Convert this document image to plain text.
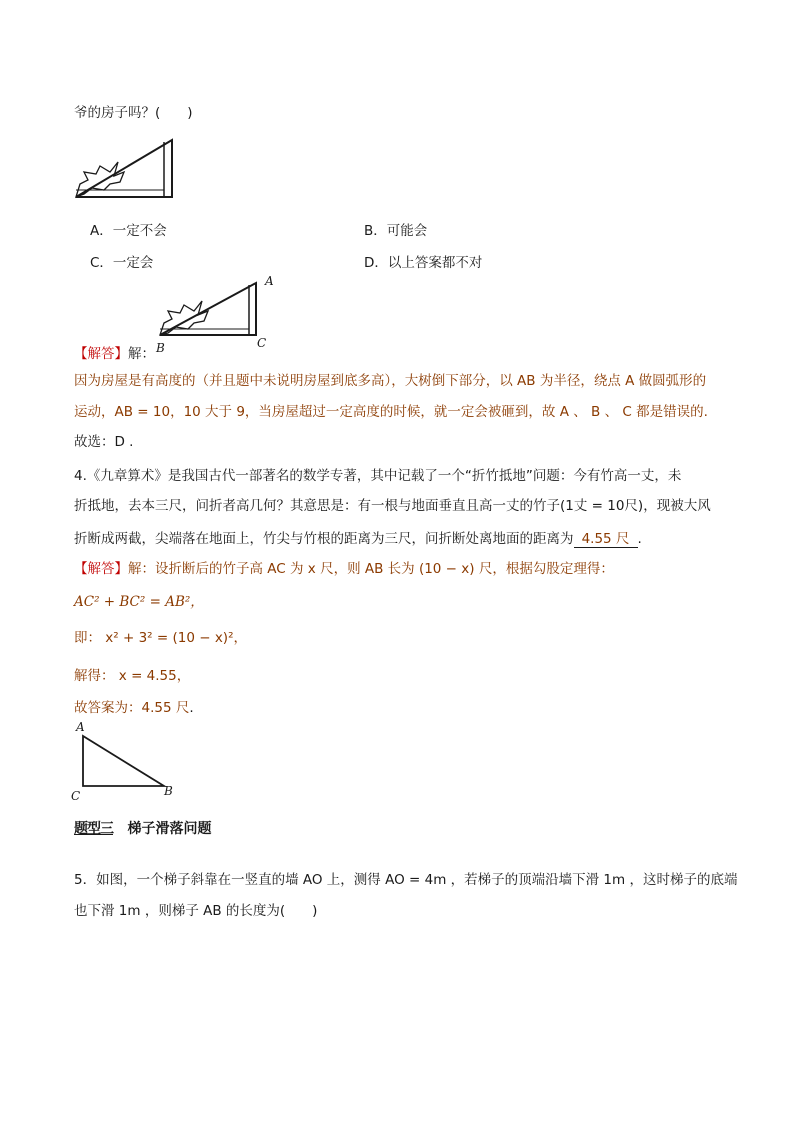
爷的房子吗？(　　)
A．一定不会	B．可能会
C．一定会	D．以上答案都不对
A
B	C
【解答】解：
因为房屋是有高度的（并且题中未说明房屋到底多高），大树倒下部分，以 AB 为半径，绕点 A 做圆弧形的
运动，AB = 10，10 大于 9，当房屋超过一定高度的时候，就一定会被砸到，故 A 、 B 、 C 都是错误的.
故选：D .
4.《九章算术》是我国古代一部著名的数学专著，其中记载了一个“折竹抵地”问题：今有竹高一丈，未
折抵地，去本三尺，问折者高几何？其意思是：有一根与地面垂直且高一丈的竹子(1丈 = 10尺)，现被大风
折断成两截，尖端落在地面上，竹尖与竹根的距离为三尺，问折断处离地面的距离为 4.55 尺 .
【解答】解：设折断后的竹子高 AC 为 x 尺，则 AB 长为 (10 − x) 尺，根据勾股定理得：
AC² + BC² = AB²，
即： x² + 3² = (10 − x)²，
解得： x = 4.55，
故答案为：4.55 尺.
A
C	B
题型三 梯子滑落问题
5．如图，一个梯子斜靠在一竖直的墙 AO 上，测得 AO = 4m ，若梯子的顶端沿墙下滑 1m ，这时梯子的底端
也下滑 1m ，则梯子 AB 的长度为(　　)
